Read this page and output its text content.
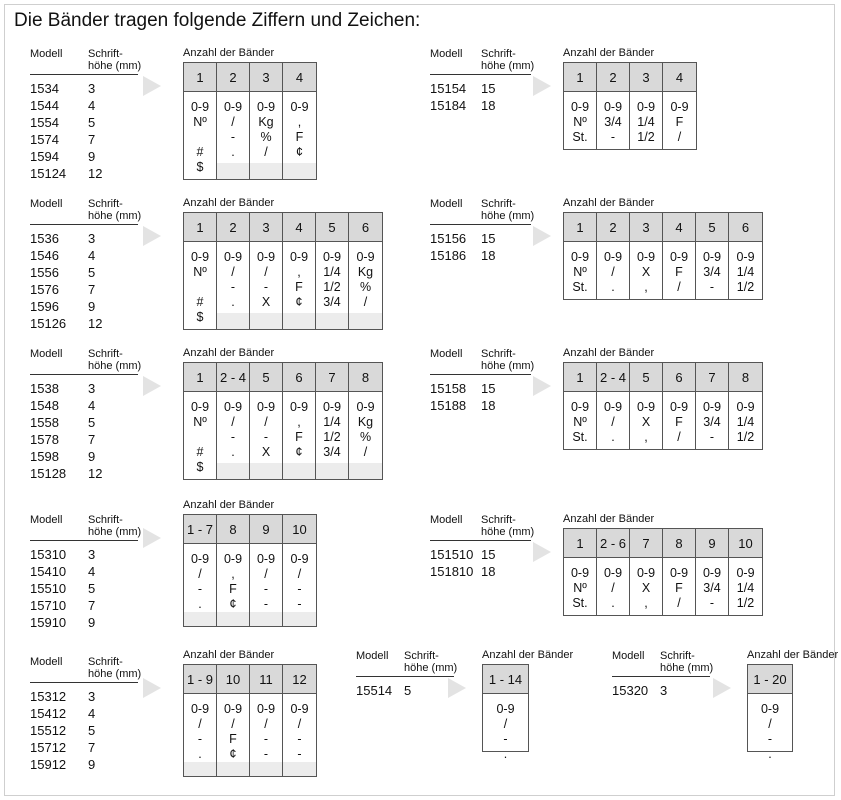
Die Bänder tragen folgende Ziffern und Zeichen:
Modell Schrift-
höhe (mm)
1534 3
1544 4
1554 5
1574 7
1594 9
15124 12
Anzahl der Bänder
1
0-9
Nº
#
$
2
0-9
/
-
.
3
0-9
Kg
%
/
4
0-9
,
F
¢
Modell Schrift-
höhe (mm)
15154 15
15184 18
Anzahl der Bänder
1
0-9
Nº
St.
2
0-9
3/4
-
3
0-9
1/4
1/2
4
0-9
F
/
Modell Schrift-
höhe (mm)
1536 3
1546 4
1556 5
1576 7
1596 9
15126 12
Anzahl der Bänder
1
0-9
Nº
#
$
2
0-9
/
-
.
3
0-9
/
-
X
4
0-9
,
F
¢
5
0-9
1/4
1/2
3/4
6
0-9
Kg
%
/
Modell Schrift-
höhe (mm)
15156 15
15186 18
Anzahl der Bänder
1
0-9
Nº
St.
2
0-9
/
.
3
0-9
X
,
4
0-9
F
/
5
0-9
3/4
-
6
0-9
1/4
1/2
Modell Schrift-
höhe (mm)
1538 3
1548 4
1558 5
1578 7
1598 9
15128 12
Anzahl der Bänder
1
0-9
Nº
#
$
2 - 4
0-9
/
-
.
5
0-9
/
-
X
6
0-9
,
F
¢
7
0-9
1/4
1/2
3/4
8
0-9
Kg
%
/
Modell Schrift-
höhe (mm)
15158 15
15188 18
Anzahl der Bänder
1
0-9
Nº
St.
2 - 4
0-9
/
.
5
0-9
X
,
6
0-9
F
/
7
0-9
3/4
-
8
0-9
1/4
1/2
Modell Schrift-
höhe (mm)
15310 3
15410 4
15510 5
15710 7
15910 9
Anzahl der Bänder
1 - 7
0-9
/
-
.
8
0-9
,
F
¢
9
0-9
/
-
-
10
0-9
/
-
-
Modell Schrift-
höhe (mm)
151510 15
151810 18
Anzahl der Bänder
1
0-9
Nº
St.
2 - 6
0-9
/
.
7
0-9
X
,
8
0-9
F
/
9
0-9
3/4
-
10
0-9
1/4
1/2
Modell Schrift-
höhe (mm)
15312 3
15412 4
15512 5
15712 7
15912 9
Anzahl der Bänder
1 - 9
0-9
/
-
.
10
0-9
/
F
¢
11
0-9
/
-
-
12
0-9
/
-
-
Modell Schrift-
höhe (mm)
15514 5
Anzahl der Bänder
1 - 14
0-9
/
-
.
Modell Schrift-
höhe (mm)
15320 3
Anzahl der Bänder
1 - 20
0-9
/
-
.
